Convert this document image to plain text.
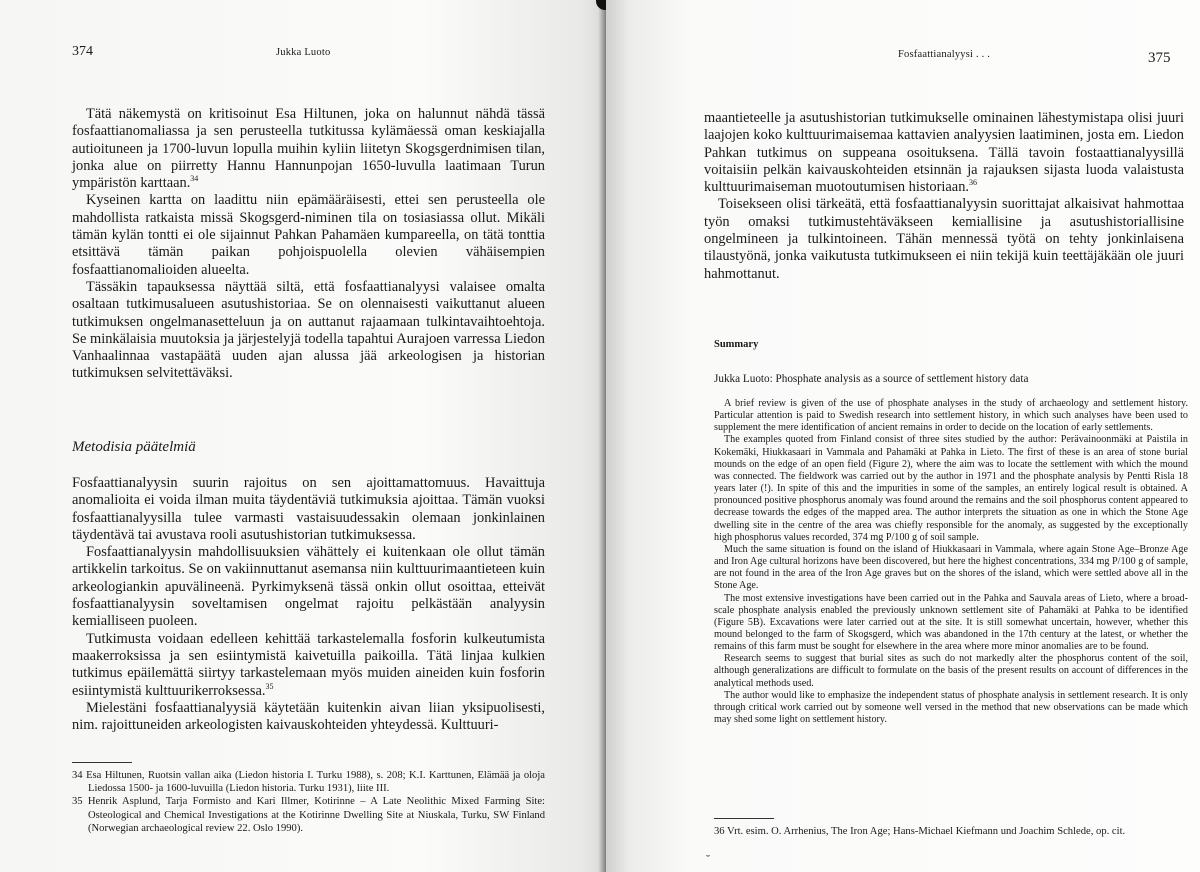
374	Jukka Luoto

Tätä näkemystä on kritisoinut Esa Hiltunen, joka on halunnut nähdä tässä fosfaattianomaliassa ja sen perusteella tutkitussa kylämäessä oman keskiajalla autioituneen ja 1700-luvun lopulla muihin kyliin liitetyn Skogsgerdnimisen tilan, jonka alue on piirretty Hannu Hannunpojan 1650-luvulla laatimaan Turun ympäristön karttaan.$^{34}$

Kyseinen kartta on laadittu niin epämääräisesti, ettei sen perusteella ole mahdollista ratkaista missä Skogsgerd-niminen tila on tosiasiassa ollut. Mikäli tämän kylän tontti ei ole sijainnut Pahkan Pahamäen kumpareella, on tätä tonttia etsittävä tämän paikan pohjoispuolella olevien vähäisempien fosfaattianomalioiden alueelta.

Tässäkin tapauksessa näyttää siltä, että fosfaattianalyysi valaisee omalta osaltaan tutkimusalueen asutushistoriaa. Se on olennaisesti vaikuttanut alueen tutkimuksen ongelmanasetteluun ja on auttanut rajaamaan tulkintavaihtoehtoja. Se minkälaisia muutoksia ja järjestelyjä todella tapahtui Aurajoen varressa Liedon Vanhaalinnaa vastapäätä uuden ajan alussa jää arkeologisen ja historian tutkimuksen selvitettäväksi.

Metodisia päätelmiä

Fosfaattianalyysin suurin rajoitus on sen ajoittamattomuus. Havaittuja anomalioita ei voida ilman muita täydentäviä tutkimuksia ajoittaa. Tämän vuoksi fosfaattianalyysilla tulee varmasti vastaisuudessakin olemaan jonkinlainen täydentävä tai avustava rooli asutushistorian tutkimuksessa.

Fosfaattianalyysin mahdollisuuksien vähättely ei kuitenkaan ole ollut tämän artikkelin tarkoitus. Se on vakiinnuttanut asemansa niin kulttuurimaantieteen kuin arkeologiankin apuvälineenä. Pyrkimyksenä tässä onkin ollut osoittaa, etteivät fosfaattianalyysin soveltamisen ongelmat rajoitu pelkästään analyysin kemialliseen puoleen.

Tutkimusta voidaan edelleen kehittää tarkastelemalla fosforin kulkeutumista maakerroksissa ja sen esiintymistä kaivetuilla paikoilla. Tätä linjaa kulkien tutkimus epäilemättä siirtyy tarkastelemaan myös muiden aineiden kuin fosforin esiintymistä kulttuurikerroksessa.$^{35}$

Mielestäni fosfaattianalyysiä käytetään kuitenkin aivan liian yksipuolisesti, nim. rajoittuneiden arkeologisten kaivauskohteiden yhteydessä. Kulttuuri-

34 Esa Hiltunen, Ruotsin vallan aika (Liedon historia I. Turku 1988), s. 208; K.I. Karttunen, Elämää ja oloja Liedossa 1500- ja 1600-luvuilla (Liedon historia. Turku 1931), liite III.

35 Henrik Asplund, Tarja Formisto and Kari Illmer, Kotirinne – A Late Neolithic Mixed Farming Site: Osteological and Chemical Investigations at the Kotirinne Dwelling Site at Niuskala, Turku, SW Finland (Norwegian archaeological review 22. Oslo 1990).

Fosfaattianalyysi . . .	375

maantieteelle ja asutushistorian tutkimukselle ominainen lähestymistapa olisi juuri laajojen koko kulttuurimaisemaa kattavien analyysien laatiminen, josta em. Liedon Pahkan tutkimus on suppeana osoituksena. Tällä tavoin fostaattianalyysillä voitaisiin pelkän kaivauskohteiden etsinnän ja rajauksen sijasta luoda valaistusta kulttuurimaiseman muotoutumisen historiaan.$^{36}$

Toisekseen olisi tärkeätä, että fosfaattianalyysin suorittajat alkaisivat hahmottaa työn omaksi tutkimustehtäväkseen kemiallisine ja asutushistoriallisine ongelmineen ja tulkintoineen. Tähän mennessä työtä on tehty jonkinlaisena tilaustyönä, jonka vaikutusta tutkimukseen ei niin tekijä kuin teettäjäkään ole juuri hahmottanut.

Summary
Jukka Luoto: Phosphate analysis as a source of settlement history data

A brief review is given of the use of phosphate analyses in the study of archaeology and settlement history. Particular attention is paid to Swedish research into settlement history, in which such analyses have been used to supplement the mere identification of ancient remains in order to decide on the location of early settlements.

The examples quoted from Finland consist of three sites studied by the author: Perävainoonmäki at Paistila in Kokemäki, Hiukkasaari in Vammala and Pahamäki at Pahka in Lieto. The first of these is an area of stone burial mounds on the edge of an open field (Figure 2), where the aim was to locate the settlement with which the mound was connected. The fieldwork was carried out by the author in 1971 and the phosphate analysis by Pentti Risla 18 years later (!). In spite of this and the impurities in some of the samples, an entirely logical result is obtained. A pronounced positive phosphorus anomaly was found around the remains and the soil phosphorus content appeared to decrease towards the edges of the mapped area. The author interprets the situation as one in which the Stone Age dwelling site in the centre of the area was chiefly responsible for the anomaly, as suggested by the exceptionally high phosphorus values recorded, 374 mg P/100 g of soil sample.

Much the same situation is found on the island of Hiukkasaari in Vammala, where again Stone Age–Bronze Age and Iron Age cultural horizons have been discovered, but here the highest concentrations, 334 mg P/100 g of sample, are not found in the area of the Iron Age graves but on the shores of the island, which were settled above all in the Stone Age.

The most extensive investigations have been carried out in the Pahka and Sauvala areas of Lieto, where a broad-scale phosphate analysis enabled the previously unknown settlement site of Pahamäki at Pahka to be identified (Figure 5B). Excavations were later carried out at the site. It is still somewhat uncertain, however, whether this mound belonged to the farm of Skogsgerd, which was abandoned in the 17th century at the latest, or whether the remains of this farm must be sought for elsewhere in the area where more minor anomalies are to be found.

Research seems to suggest that burial sites as such do not markedly alter the phosphorus content of the soil, although generalizations are difficult to formulate on the basis of the present results on account of differences in the analytical methods used.

The author would like to emphasize the independent status of phosphate analysis in settlement research. It is only through critical work carried out by someone well versed in the method that new observations can be made which may shed some light on settlement history.

36 Vrt. esim. O. Arrhenius, The Iron Age; Hans-Michael Kiefmann und Joachim Schlede, op. cit.

˘
